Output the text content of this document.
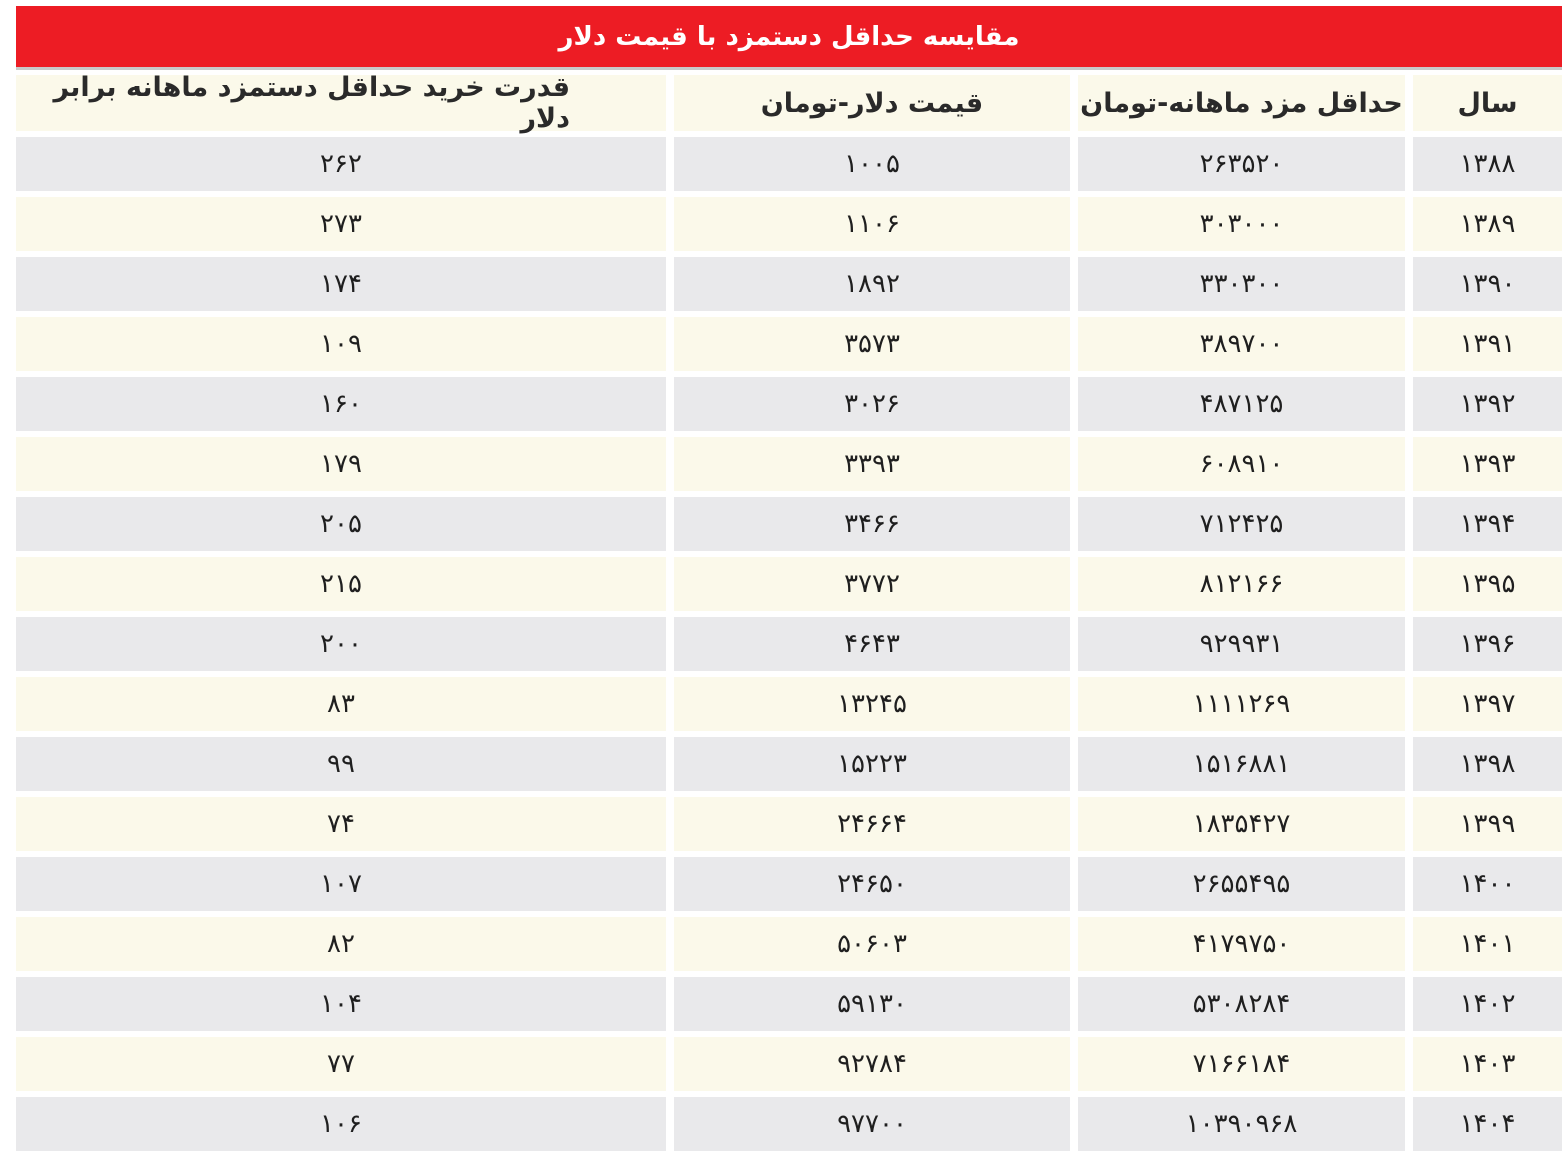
مقایسه حداقل دستمزد با قیمت دلار
سال
حداقل مزد ماهانه-تومان
قیمت دلار-تومان
قدرت خرید حداقل دستمزد ماهانه برابر دلار
۱۳۸۸
۲۶۳۵۲۰
۱۰۰۵
۲۶۲
۱۳۸۹
۳۰۳۰۰۰
۱۱۰۶
۲۷۳
۱۳۹۰
۳۳۰۳۰۰
۱۸۹۲
۱۷۴
۱۳۹۱
۳۸۹۷۰۰
۳۵۷۳
۱۰۹
۱۳۹۲
۴۸۷۱۲۵
۳۰۲۶
۱۶۰
۱۳۹۳
۶۰۸۹۱۰
۳۳۹۳
۱۷۹
۱۳۹۴
۷۱۲۴۲۵
۳۴۶۶
۲۰۵
۱۳۹۵
۸۱۲۱۶۶
۳۷۷۲
۲۱۵
۱۳۹۶
۹۲۹۹۳۱
۴۶۴۳
۲۰۰
۱۳۹۷
۱۱۱۱۲۶۹
۱۳۲۴۵
۸۳
۱۳۹۸
۱۵۱۶۸۸۱
۱۵۲۲۳
۹۹
۱۳۹۹
۱۸۳۵۴۲۷
۲۴۶۶۴
۷۴
۱۴۰۰
۲۶۵۵۴۹۵
۲۴۶۵۰
۱۰۷
۱۴۰۱
۴۱۷۹۷۵۰
۵۰۶۰۳
۸۲
۱۴۰۲
۵۳۰۸۲۸۴
۵۹۱۳۰
۱۰۴
۱۴۰۳
۷۱۶۶۱۸۴
۹۲۷۸۴
۷۷
۱۴۰۴
۱۰۳۹۰۹۶۸
۹۷۷۰۰
۱۰۶
